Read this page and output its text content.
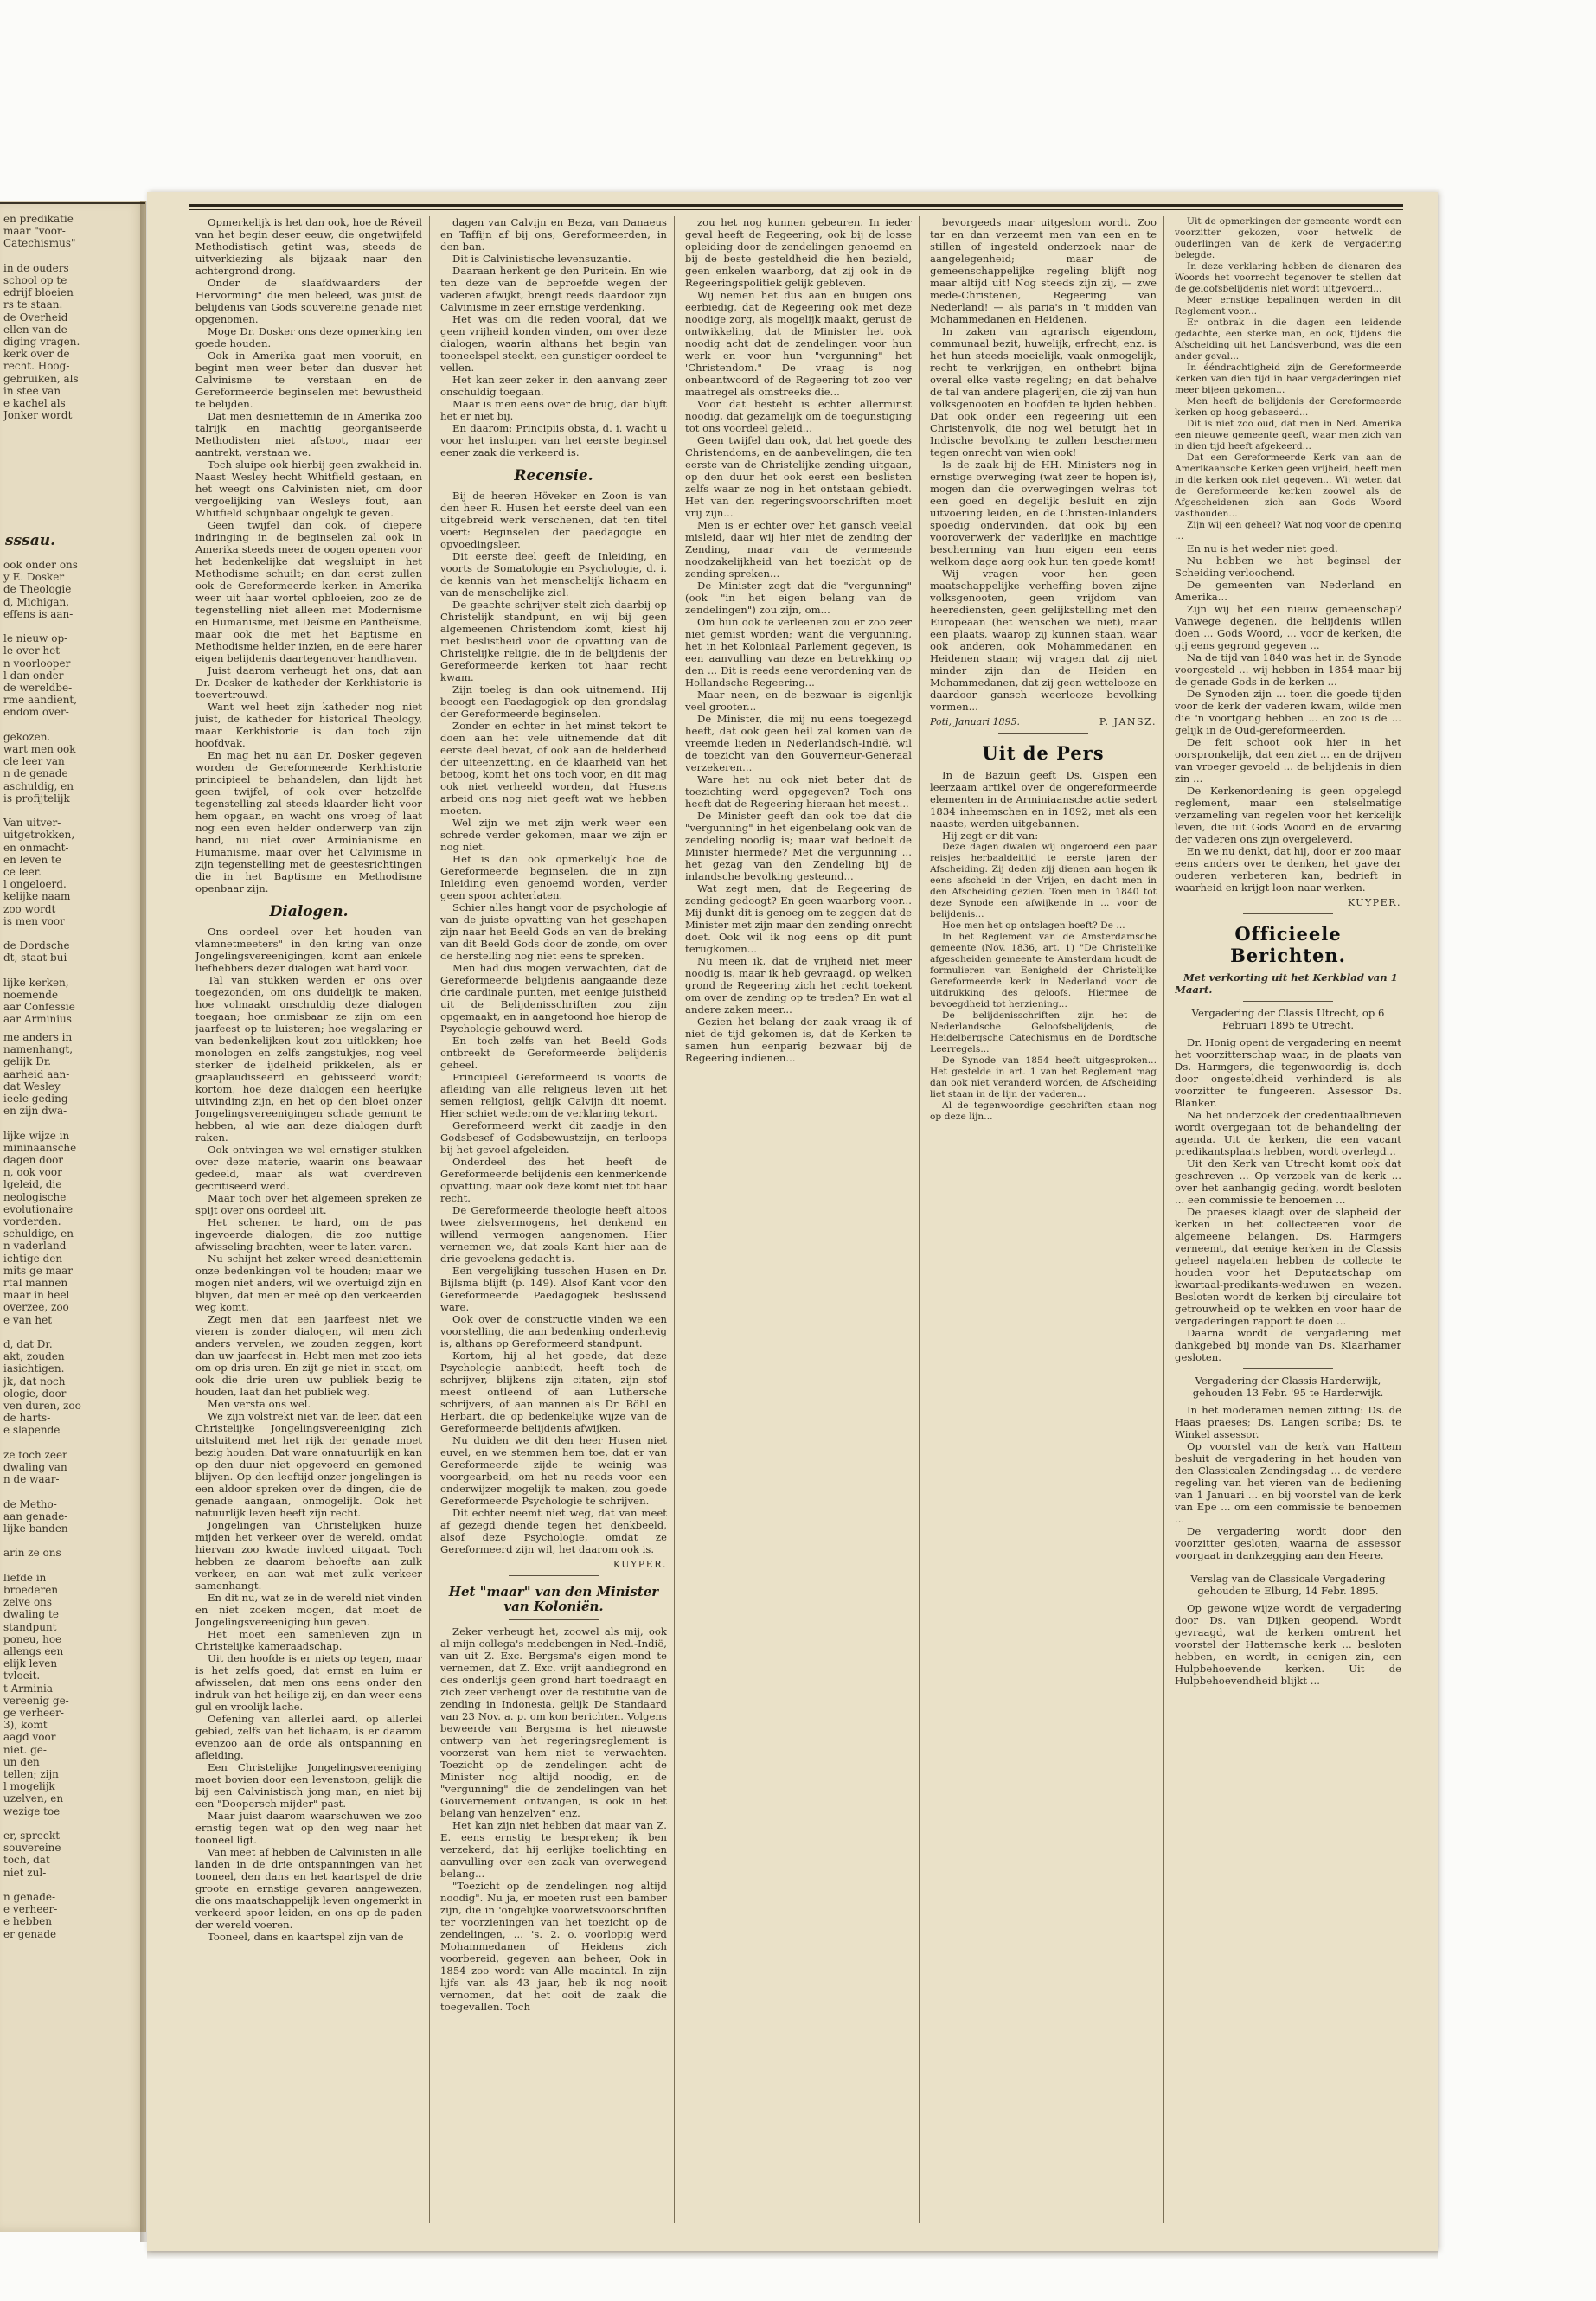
en predikatie
maar "voor-
Catechismus"
in de ouders
school op te
edrijf bloeien
rs te staan.
de Overheid
ellen van de
diging vragen.
kerk over de
recht. Hoog-
gebruiken, als
in stee van
e kachel als
Jonker wordt
sssau.
ook onder ons
y E. Dosker
de Theologie
d, Michigan,
effens is aan-
le nieuw op-
le over het
n voorlooper
l dan onder
de wereldbe-
rme aandient,
endom over-
gekozen.
wart men ook
cle leer van
n de genade
aschuldig, en
is profijtelijk
Van uitver-
uitgetrokken,
en onmacht-
en leven te
ce leer.
l ongeloerd.
kelijke naam
zoo wordt
is men voor
de Dordsche
dt, staat bui-
lijke kerken,
noemende
aar Confessie
aar Arminius
me anders in
namenhangt,
gelijk Dr.
aarheid aan-
dat Wesley
ieele geding
en zijn dwa-
lijke wijze in
mininaansche
dagen door
n, ook voor
lgeleid, die
neologische
evolutionaire
vorderden.
schuldige, en
n vaderland
ichtige den-
mits ge maar
rtal mannen
maar in heel
overzee, zoo
e van het
d, dat Dr.
akt, zouden
iasichtigen.
jk, dat noch
ologie, door
ven duren, zoo
de harts-
e slapende
ze toch zeer
dwaling van
n de waar-
de Metho-
aan genade-
lijke banden
arin ze ons
liefde in
broederen
zelve ons
dwaling te
standpunt
poneu, hoe
allengs een
elijk leven
tvloeit.
t Arminia-
vereenig ge-
ge verheer-
3), komt
aagd voor
niet. ge-
un den
tellen; zijn
l mogelijk
uzelven, en
wezige toe
er, spreekt
souvereine
toch, dat
niet zul-
n genade-
e verheer-
e hebben
er genade

Opmerkelijk is het dan ook, hoe de Réveil van het begin deser eeuw, die ongetwijfeld Methodistisch getint was, steeds de uitverkiezing als bijzaak naar den achtergrond drong.

Onder de slaafdwaarders der Hervorming" die men beleed, was juist de belijdenis van Gods souvereine genade niet opgenomen.

Moge Dr. Dosker ons deze opmerking ten goede houden.

Ook in Amerika gaat men vooruit, en begint men weer beter dan dusver het Calvinisme te verstaan en de Gereformeerde beginselen met bewustheid te belijden.

Dat men desniettemin de in Amerika zoo talrijk en machtig georganiseerde Methodisten niet afstoot, maar eer aantrekt, verstaan we.

Toch sluipe ook hierbij geen zwakheid in. Naast Wesley hecht Whitfield gestaan, en het weegt ons Calvinisten niet, om door vergoelijking van Wesleys fout, aan Whitfield schijnbaar ongelijk te geven.

Geen twijfel dan ook, of diepere indringing in de beginselen zal ook in Amerika steeds meer de oogen openen voor het bedenkelijke dat wegsluipt in het Methodisme schuilt; en dan eerst zullen ook de Gereformeerde kerken in Amerika weer uit haar wortel opbloeien, zoo ze de tegenstelling niet alleen met Modernisme en Humanisme, met Deïsme en Pantheïsme, maar ook die met het Baptisme en Methodisme helder inzien, en de eere harer eigen belijdenis daartegenover handhaven.

Juist daarom verheugt het ons, dat aan Dr. Dosker de katheder der Kerkhistorie is toevertrouwd.

Want wel heet zijn katheder nog niet juist, de katheder for historical Theology, maar Kerkhistorie is dan toch zijn hoofdvak.

En mag het nu aan Dr. Dosker gegeven worden de Gereformeerde Kerkhistorie principieel te behandelen, dan lijdt het geen twijfel, of ook over hetzelfde tegenstelling zal steeds klaarder licht voor hem opgaan, en wacht ons vroeg of laat nog een even helder onderwerp van zijn hand, nu niet over Arminianisme en Humanisme, maar over het Calvinisme in zijn tegenstelling met de geestesrichtingen die in het Baptisme en Methodisme openbaar zijn.

Dialogen.

Ons oordeel over het houden van vlamnetmeeters" in den kring van onze Jongelingsvereenigingen, komt aan enkele liefhebbers dezer dialogen wat hard voor.

Tal van stukken werden er ons over toegezonden, om ons duidelijk te maken, hoe volmaakt onschuldig deze dialogen toegaan; hoe onmisbaar ze zijn om een jaarfeest op te luisteren; hoe wegslaring er van bedenkelijken kout zou uitlokken; hoe monologen en zelfs zangstukjes, nog veel sterker de ijdelheid prikkelen, als er graaplaudisseerd en gebisseerd wordt; kortom, hoe deze dialogen een heerlijke uitvinding zijn, en het op den bloei onzer Jongelingsvereenigingen schade gemunt te hebben, al wie aan deze dialogen durft raken.

Ook ontvingen we wel ernstiger stukken over deze materie, waarin ons beawaar gedeeld, maar als wat overdreven gecritiseerd werd.

Maar toch over het algemeen spreken ze spijt over ons oordeel uit.

Het schenen te hard, om de pas ingevoerde dialogen, die zoo nuttige afwisseling brachten, weer te laten varen.

Nu schijnt het zeker wreed desniettemin onze bedenkingen vol te houden; maar we mogen niet anders, wil we overtuigd zijn en blijven, dat men er meê op den verkeerden weg komt.

Zegt men dat een jaarfeest niet we vieren is zonder dialogen, wil men zich anders vervelen, we zouden zeggen, kort dan uw jaarfeest in. Hebt men met zoo iets om op dris uren. En zijt ge niet in staat, om ook die drie uren uw publiek bezig te houden, laat dan het publiek weg.

Men versta ons wel.

We zijn volstrekt niet van de leer, dat een Christelijke Jongelingsvereeniging zich uitsluitend met het rijk der genade moet bezig houden. Dat ware onnatuurlijk en kan op den duur niet opgevoerd en gemoned blijven. Op den leeftijd onzer jongelingen is een aldoor spreken over de dingen, die de genade aangaan, onmogelijk. Ook het natuurlijk leven heeft zijn recht.

Jongelingen van Christelijken huize mijden het verkeer over de wereld, omdat hiervan zoo kwade invloed uitgaat. Toch hebben ze daarom behoefte aan zulk verkeer, en aan wat met zulk verkeer samenhangt.

En dit nu, wat ze in de wereld niet vinden en niet zoeken mogen, dat moet de Jongelingsvereeniging hun geven.

Het moet een samenleven zijn in Christelijke kameraadschap.

Uit den hoofde is er niets op tegen, maar is het zelfs goed, dat ernst en luim er afwisselen, dat men ons eens onder den indruk van het heilige zij, en dan weer eens gul en vroolijk lache.

Oefening van allerlei aard, op allerlei gebied, zelfs van het lichaam, is er daarom evenzoo aan de orde als ontspanning en afleiding.

Een Christelijke Jongelingsvereeniging moet bovien door een levenstoon, gelijk die bij een Calvinistisch jong man, en niet bij een "Doopersch mijder" past.

Maar juist daarom waarschuwen we zoo ernstig tegen wat op den weg naar het tooneel ligt.

Van meet af hebben de Calvinisten in alle landen in de drie ontspanningen van het tooneel, den dans en het kaartspel de drie groote en ernstige gevaren aangewezen, die ons maatschappelijk leven ongemerkt in verkeerd spoor leiden, en ons op de paden der wereld voeren.

Tooneel, dans en kaartspel zijn van de

dagen van Calvijn en Beza, van Danaeus en Taffijn af bij ons, Gereformeerden, in den ban.

Dit is Calvinistische levensuzantie.

Daaraan herkent ge den Puritein. En wie ten deze van de beproefde wegen der vaderen afwijkt, brengt reeds daardoor zijn Calvinisme in zeer ernstige verdenking.

Het was om die reden vooral, dat we geen vrijheid konden vinden, om over deze dialogen, waarin althans het begin van tooneelspel steekt, een gunstiger oordeel te vellen.

Het kan zeer zeker in den aanvang zeer onschuldig toegaan.

Maar is men eens over de brug, dan blijft het er niet bij.

En daarom: Principiis obsta, d. i. wacht u voor het insluipen van het eerste beginsel eener zaak die verkeerd is.

Recensie.

Bij de heeren Höveker en Zoon is van den heer R. Husen het eerste deel van een uitgebreid werk verschenen, dat ten titel voert: Beginselen der paedagogie en opvoedingsleer.

Dit eerste deel geeft de Inleiding, en voorts de Somatologie en Psychologie, d. i. de kennis van het menschelijk lichaam en van de menschelijke ziel.

De geachte schrijver stelt zich daarbij op Christelijk standpunt, en wij bij geen algemeenen Christendom komt, kiest hij met beslistheid voor de opvatting van de Christelijke religie, die in de belijdenis der Gereformeerde kerken tot haar recht kwam.

Zijn toeleg is dan ook uitnemend. Hij beoogt een Paedagogiek op den grondslag der Gereformeerde beginselen.

Zonder en echter in het minst tekort te doen aan het vele uitnemende dat dit eerste deel bevat, of ook aan de helderheid der uiteenzetting, en de klaarheid van het betoog, komt het ons toch voor, en dit mag ook niet verheeld worden, dat Husens arbeid ons nog niet geeft wat we hebben moeten.

Wel zijn we met zijn werk weer een schrede verder gekomen, maar we zijn er nog niet.

Het is dan ook opmerkelijk hoe de Gereformeerde beginselen, die in zijn Inleiding even genoemd worden, verder geen spoor achterlaten.

Schier alles hangt voor de psychologie af van de juiste opvatting van het geschapen zijn naar het Beeld Gods en van de breking van dit Beeld Gods door de zonde, om over de herstelling nog niet eens te spreken.

Men had dus mogen verwachten, dat de Gereformeerde belijdenis aangaande deze drie cardinale punten, met eenige juistheid uit de Belijdenisschriften zou zijn opgemaakt, en in aangetoond hoe hierop de Psychologie gebouwd werd.

En toch zelfs van het Beeld Gods ontbreekt de Gereformeerde belijdenis geheel.

Principieel Gereformeerd is voorts de afleiding van alle religieus leven uit het semen religiosi, gelijk Calvijn dit noemt. Hier schiet wederom de verklaring tekort.

Gereformeerd werkt dit zaadje in den Godsbesef of Godsbewustzijn, en terloops bij het gevoel afgeleiden.

Onderdeel des het heeft de Gereformeerde belijdenis een kenmerkende opvatting, maar ook deze komt niet tot haar recht.

De Gereformeerde theologie heeft altoos twee zielsvermogens, het denkend en willend vermogen aangenomen. Hier vernemen we, dat zoals Kant hier aan de drie gevoelens gedacht is.

Een vergelijking tusschen Husen en Dr. Bijlsma blijft (p. 149). Alsof Kant voor den Gereformeerde Paedagogiek beslissend ware.

Ook over de constructie vinden we een voorstelling, die aan bedenking onderhevig is, althans op Gereformeerd standpunt.

Kortom, hij al het goede, dat deze Psychologie aanbiedt, heeft toch de schrijver, blijkens zijn citaten, zijn stof meest ontleend of aan Luthersche schrijvers, of aan mannen als Dr. Böhl en Herbart, die op bedenkelijke wijze van de Gereformeerde belijdenis afwijken.

Nu duiden we dit den heer Husen niet euvel, en we stemmen hem toe, dat er van Gereformeerde zijde te weinig was voorgearbeid, om het nu reeds voor een onderwijzer mogelijk te maken, zou goede Gereformeerde Psychologie te schrijven.

Dit echter neemt niet weg, dat van meet af gezegd diende tegen het denkbeeld, alsof deze Psychologie, omdat ze Gereformeerd zijn wil, het daarom ook is.

KUYPER.
Het "maar" van den Minister van Koloniën.

Zeker verheugt het, zoowel als mij, ook al mijn collega's medebengen in Ned.-Indië, van uit Z. Exc. Bergsma's eigen mond te vernemen, dat Z. Exc. vrijt aandiegrond en des onderlijs geen grond hart toedraagt en zich zeer verheugt over de restitutie van de zending in Indonesia, gelijk De Standaard van 23 Nov. a. p. om kon berichten. Volgens beweerde van Bergsma is het nieuwste ontwerp van het regeringsreglement is voorzerst van hem niet te verwachten. Toezicht op de zendelingen acht de Minister nog altijd noodig, en de "vergunning" die de zendelingen van het Gouvernement ontvangen, is ook in het belang van henzelven" enz.

Het kan zijn niet hebben dat maar van Z. E. eens ernstig te bespreken; ik ben verzekerd, dat hij eerlijke toelichting en aanvulling over een zaak van overwegend belang...

"Toezicht op de zendelingen nog altijd noodig". Nu ja, er moeten rust een bamber zijn, die in 'ongelijke voorwetsvoorschriften ter voorzieningen van het toezicht op de zendelingen, ... 's. 2. o. voorlopig werd Mohammedanen of Heidens zich voorbereid, gegeven aan beheer, Ook in 1854 zoo wordt van Alle maaintal. In zijn lijfs van als 43 jaar, heb ik nog nooit vernomen, dat het ooit de zaak die toegevallen. Toch

zou het nog kunnen gebeuren. In ieder geval heeft de Regeering, ook bij de losse opleiding door de zendelingen genoemd en bij de beste gesteldheid die hen bezield, geen enkelen waarborg, dat zij ook in de Regeeringspolitiek gelijk gebleven.

Wij nemen het dus aan en buigen ons eerbiedig, dat de Regeering ook met deze noodige zorg, als mogelijk maakt, gerust de ontwikkeling, dat de Minister het ook noodig acht dat de zendelingen voor hun werk en voor hun "vergunning" het 'Christendom." De vraag is nog onbeantwoord of de Regeering tot zoo ver maatregel als omstreeks die...

Voor dat besteht is echter allerminst noodig, dat gezamelijk om de toegunstiging tot ons voordeel geleid...

Geen twijfel dan ook, dat het goede des Christendoms, en de aanbevelingen, die ten eerste van de Christelijke zending uitgaan, op den duur het ook eerst een beslisten zelfs waar ze nog in het ontstaan gebiedt. Het van den regeringsvoorschriften moet vrij zijn...

Men is er echter over het gansch veelal misleid, daar wij hier niet de zending der Zending, maar van de vermeende noodzakelijkheid van het toezicht op de zending spreken...

De Minister zegt dat die "vergunning" (ook "in het eigen belang van de zendelingen") zou zijn, om...

Om hun ook te verleenen zou er zoo zeer niet gemist worden; want die vergunning, het in het Koloniaal Parlement gegeven, is een aanvulling van deze en betrekking op den ... Dit is reeds eene verordening van de Hollandsche Regeering...

Maar neen, en de bezwaar is eigenlijk veel grooter...

De Minister, die mij nu eens toegezegd heeft, dat ook geen heil zal komen van de vreemde lieden in Nederlandsch-Indië, wil de toezicht van den Gouverneur-Generaal verzekeren...

Ware het nu ook niet beter dat de toezichting werd opgegeven? Toch ons heeft dat de Regeering hieraan het meest...

De Minister geeft dan ook toe dat die "vergunning" in het eigenbelang ook van de zendeling noodig is; maar wat bedoelt de Minister hiermede? Met die vergunning ... het gezag van den Zendeling bij de inlandsche bevolking gesteund...

Wat zegt men, dat de Regeering de zending gedoogt? En geen waarborg voor... Mij dunkt dit is genoeg om te zeggen dat de Minister met zijn maar den zending onrecht doet. Ook wil ik nog eens op dit punt terugkomen...

Nu meen ik, dat de vrijheid niet meer noodig is, maar ik heb gevraagd, op welken grond de Regeering zich het recht toekent om over de zending op te treden? En wat al andere zaken meer...

Gezien het belang der zaak vraag ik of niet de tijd gekomen is, dat de Kerken te samen hun eenparig bezwaar bij de Regeering indienen...

bevorgeeds maar uitgeslom wordt. Zoo tar en dan verzeemt men van een en te stillen of ingesteld onderzoek naar de aangelegenheid; maar de gemeenschappelijke regeling blijft nog maar altijd uit! Nog steeds zijn zij, — zwe mede-Christenen, Regeering van Nederland! — als paria's in 't midden van Mohammedanen en Heidenen.

In zaken van agrarisch eigendom, communaal bezit, huwelijk, erfrecht, enz. is het hun steeds moeielijk, vaak onmogelijk, recht te verkrijgen, en onthebrt bijna overal elke vaste regeling; en dat behalve de tal van andere plagerijen, die zij van hun volksgenooten en hoofden te lijden hebben. Dat ook onder een regeering uit een Christenvolk, die nog wel betuigt het in Indische bevolking te zullen beschermen tegen onrecht van wien ook!

Is de zaak bij de HH. Ministers nog in ernstige overweging (wat zeer te hopen is), mogen dan die overwegingen welras tot een goed en degelijk besluit en zijn uitvoering leiden, en de Christen-Inlanders spoedig ondervinden, dat ook bij een vooroverwerk der vaderlijke en machtige bescherming van hun eigen een eens welkom dage aorg ook hun ten goede komt!

Wij vragen voor hen geen maatschappelijke verheffing boven zijne volksgenooten, geen vrijdom van heerediensten, geen gelijkstelling met den Europeaan (het wenschen we niet), maar een plaats, waarop zij kunnen staan, waar ook anderen, ook Mohammedanen en Heidenen staan; wij vragen dat zij niet minder zijn dan de Heiden en Mohammedanen, dat zij geen wettelooze en daardoor gansch weerlooze bevolking vormen...

Poti, Januari 1895.	P. JANSZ.
Uit de Pers

In de Bazuin geeft Ds. Gispen een leerzaam artikel over de ongereformeerde elementen in de Arminiaansche actie sedert 1834 inheemschen en in 1892, met als een naaste, werden uitgebannen.

Hij zegt er dit van:

Deze dagen dwalen wij ongeroerd een paar reisjes herbaaldeitijd te eerste jaren der Afscheiding. Zij deden zijj dienen aan hogen ik eens afscheid in der Vrijen, en dacht men in den Afscheiding gezien. Toen men in 1840 tot deze Synode een afwijkende in ... voor de belijdenis...

Hoe men het op ontslagen hoeft? De ...

In het Reglement van de Amsterdamsche gemeente (Nov. 1836, art. 1) "De Christelijke afgescheiden gemeente te Amsterdam houdt de formulieren van Eenigheid der Christelijke Gereformeerde kerk in Nederland voor de uitdrukking des geloofs. Hiermee de bevoegdheid tot herziening...

De belijdenisschriften zijn het de Nederlandsche Geloofsbelijdenis, de Heidelbergsche Catechismus en de Dordtsche Leerregels...

De Synode van 1854 heeft uitgesproken... Het gestelde in art. 1 van het Reglement mag dan ook niet veranderd worden, de Afscheiding liet staan in de lijn der vaderen...

Al de tegenwoordige geschriften staan nog op deze lijn...

Uit de opmerkingen der gemeente wordt een voorzitter gekozen, voor hetwelk de ouderlingen van de kerk de vergadering belegde.

In deze verklaring hebben de dienaren des Woords het voorrecht tegenover te stellen dat de geloofsbelijdenis niet wordt uitgevoerd...

Meer ernstige bepalingen werden in dit Reglement voor...

Er ontbrak in die dagen een leidende gedachte, een sterke man, en ook, tijdens die Afscheiding uit het Landsverbond, was die een ander geval...

In ééndrachtigheid zijn de Gereformeerde kerken van dien tijd in haar vergaderingen niet meer bijeen gekomen...

Men heeft de belijdenis der Gereformeerde kerken op hoog gebaseerd...

Dit is niet zoo oud, dat men in Ned. Amerika een nieuwe gemeente geeft, waar men zich van in dien tijd heeft afgekeerd...

Dat een Gereformeerde Kerk van aan de Amerikaansche Kerken geen vrijheid, heeft men in die kerken ook niet gegeven... Wij weten dat de Gereformeerde kerken zoowel als de Afgescheidenen zich aan Gods Woord vasthouden...

Zijn wij een geheel? Wat nog voor de opening ...

En nu is het weder niet goed.

Nu hebben we het beginsel der Scheiding verloochend.

De gemeenten van Nederland en Amerika...

Zijn wij het een nieuw gemeenschap? Vanwege degenen, die belijdenis willen doen ... Gods Woord, ... voor de kerken, die gij eens gegrond gegeven ...

Na de tijd van 1840 was het in de Synode voorgesteld ... wij hebben in 1854 maar bij de genade Gods in de kerken ...

De Synoden zijn ... toen die goede tijden voor de kerk der vaderen kwam, wilde men die 'n voortgang hebben ... en zoo is de ... gelijk in de Oud-gereformeerden.

De feit schoot ook hier in het oorspronkelijk, dat een ziet ... en de drijven van vroeger gevoeld ... de belijdenis in dien zin ...

De Kerkenordening is geen opgelegd reglement, maar een stelselmatige verzameling van regelen voor het kerkelijk leven, die uit Gods Woord en de ervaring der vaderen ons zijn overgeleverd.

En we nu denkt, dat hij, door er zoo maar eens anders over te denken, het gave der ouderen verbeteren kan, bedrieft in waarheid en krijgt loon naar werken.

KUYPER.
Officieele Berichten.
Met verkorting uit het Kerkblad van 1 Maart.
Vergadering der Classis Utrecht, op 6 Februari 1895 te Utrecht.

Dr. Honig opent de vergadering en neemt het voorzitterschap waar, in de plaats van Ds. Harmgers, die tegenwoordig is, doch door ongesteldheid verhinderd is als voorzitter te fungeeren. Assessor Ds. Blanker.

Na het onderzoek der credentiaalbrieven wordt overgegaan tot de behandeling der agenda. Uit de kerken, die een vacant predikantsplaats hebben, wordt overlegd...

Uit den Kerk van Utrecht komt ook dat geschreven ... Op verzoek van de kerk ... over het aanhangig geding, wordt besloten ... een commissie te benoemen ...

De praeses klaagt over de slapheid der kerken in het collecteeren voor de algemeene belangen. Ds. Harmgers verneemt, dat eenige kerken in de Classis geheel nagelaten hebben de collecte te houden voor het Deputaatschap om kwartaal-predikants-weduwen en wezen. Besloten wordt de kerken bij circulaire tot getrouwheid op te wekken en voor haar de vergaderingen rapport te doen ...

Daarna wordt de vergadering met dankgebed bij monde van Ds. Klaarhamer gesloten.

Vergadering der Classis Harderwijk, gehouden 13 Febr. '95 te Harderwijk.

In het moderamen nemen zitting: Ds. de Haas praeses; Ds. Langen scriba; Ds. te Winkel assessor.

Op voorstel van de kerk van Hattem besluit de vergadering in het houden van den Classicalen Zendingsdag ... de verdere regeling van het vieren van de bediening van 1 Januari ... en bij voorstel van de kerk van Epe ... om een commissie te benoemen ...

De vergadering wordt door den voorzitter gesloten, waarna de assessor voorgaat in dankzegging aan den Heere.

Verslag van de Classicale Vergadering gehouden te Elburg, 14 Febr. 1895.

Op gewone wijze wordt de vergadering door Ds. van Dijken geopend. Wordt gevraagd, wat de kerken omtrent het voorstel der Hattemsche kerk ... besloten hebben, en wordt, in eenigen zin, een Hulpbehoevende kerken. Uit de Hulpbehoevendheid blijkt ...
